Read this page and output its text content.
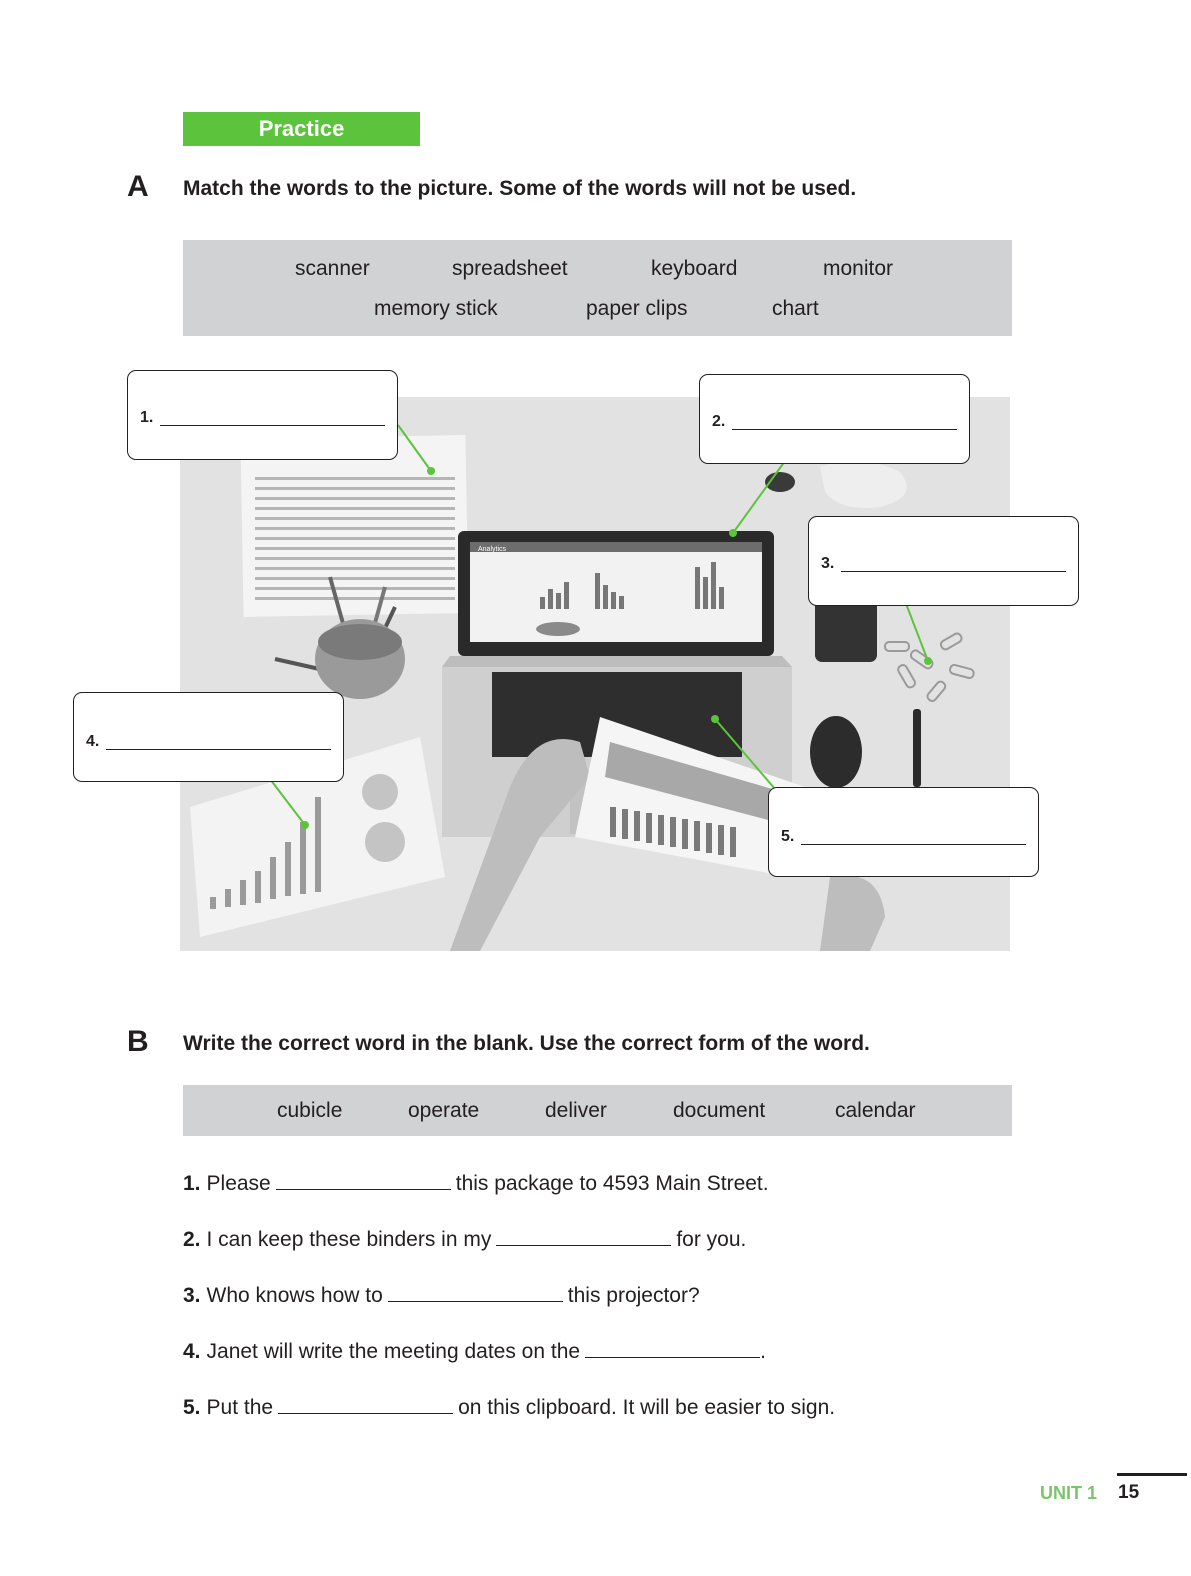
Practice
A Match the words to the picture. Some of the words will not be used.
scanner	spreadsheet	keyboard	monitor
memory stick	paper clips	chart
Analytics
1.	2.
3.
4.
5.
B Write the correct word in the blank. Use the correct form of the word.
cubicle	operate	deliver	document	calendar
1. Please	this package to 4593 Main Street.
2. I can keep these binders in my	for you.
3. Who knows how to	this projector?
4. Janet will write the meeting dates on the	.
5. Put the	on this clipboard. It will be easier to sign.
UNIT 1 15
